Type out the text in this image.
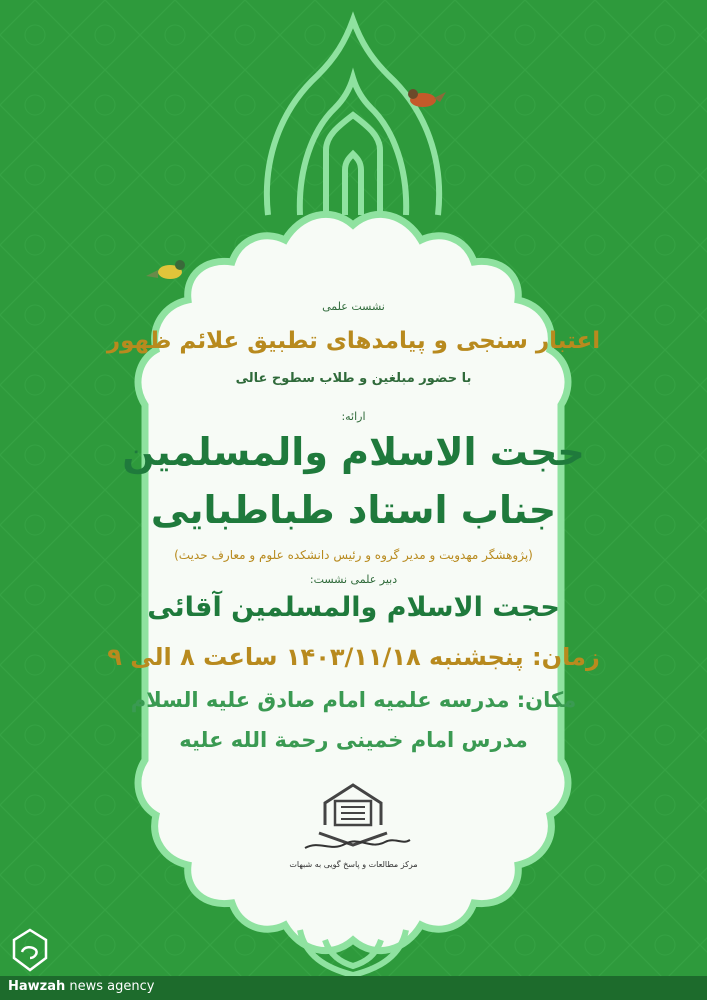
نشست علمی
اعتبار سنجی و پیامدهای تطبیق علائم ظهور
با حضور مبلغین و طلاب سطوح عالی
ارائه:
حجت الاسلام والمسلمین
جناب استاد طباطبایی
(پژوهشگر مهدویت و مدیر گروه و رئیس دانشکده علوم و معارف حدیث)
دبیر علمی نشست:
حجت الاسلام والمسلمین آقائی
زمان: پنجشنبه ۱۴۰۳/۱۱/۱۸ ساعت ۸ الی ۹
مکان: مدرسه علمیه امام صادق علیه السلام
مدرس امام خمینی رحمة الله علیه
مرکز مطالعات و پاسخ گویی به شبهات
Hawzah news agency
